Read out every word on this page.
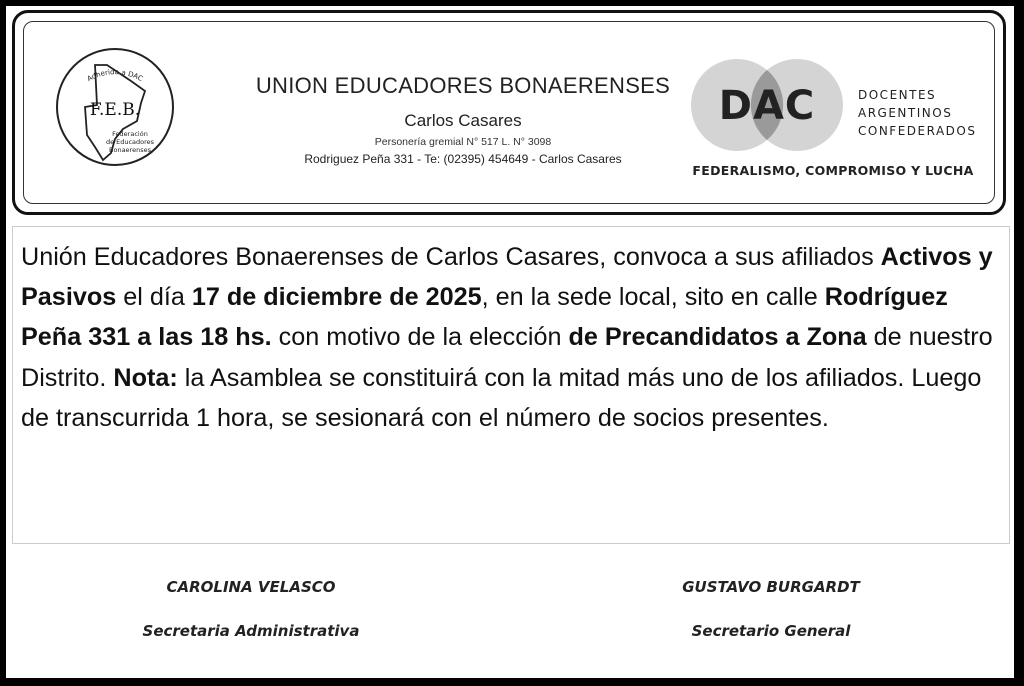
Adherida a DAC
F.E.B.
Federación
de Educadores
Bonaerenses
UNION EDUCADORES BONAERENSES
Carlos Casares
Personería gremial N° 517 L. N° 3098
Rodriguez Peña 331 - Te: (02395) 454649 - Carlos Casares
DAC	DOCENTES
ARGENTINOS
CONFEDERADOS
FEDERALISMO, COMPROMISO Y LUCHA

Unión Educadores Bonaerenses de Carlos Casares, convoca a sus afiliados Activos y Pasivos el día 17 de diciembre de 2025, en la sede local, sito en calle Rodríguez Peña 331 a las 18 hs. con motivo de la elección de Precandidatos a Zona de nuestro Distrito. Nota: la Asamblea se constituirá con la mitad más uno de los afiliados. Luego de transcurrida 1 hora, se sesionará con el número de socios presentes.

CAROLINA VELASCO
Secretaria Administrativa
GUSTAVO BURGARDT
Secretario General
